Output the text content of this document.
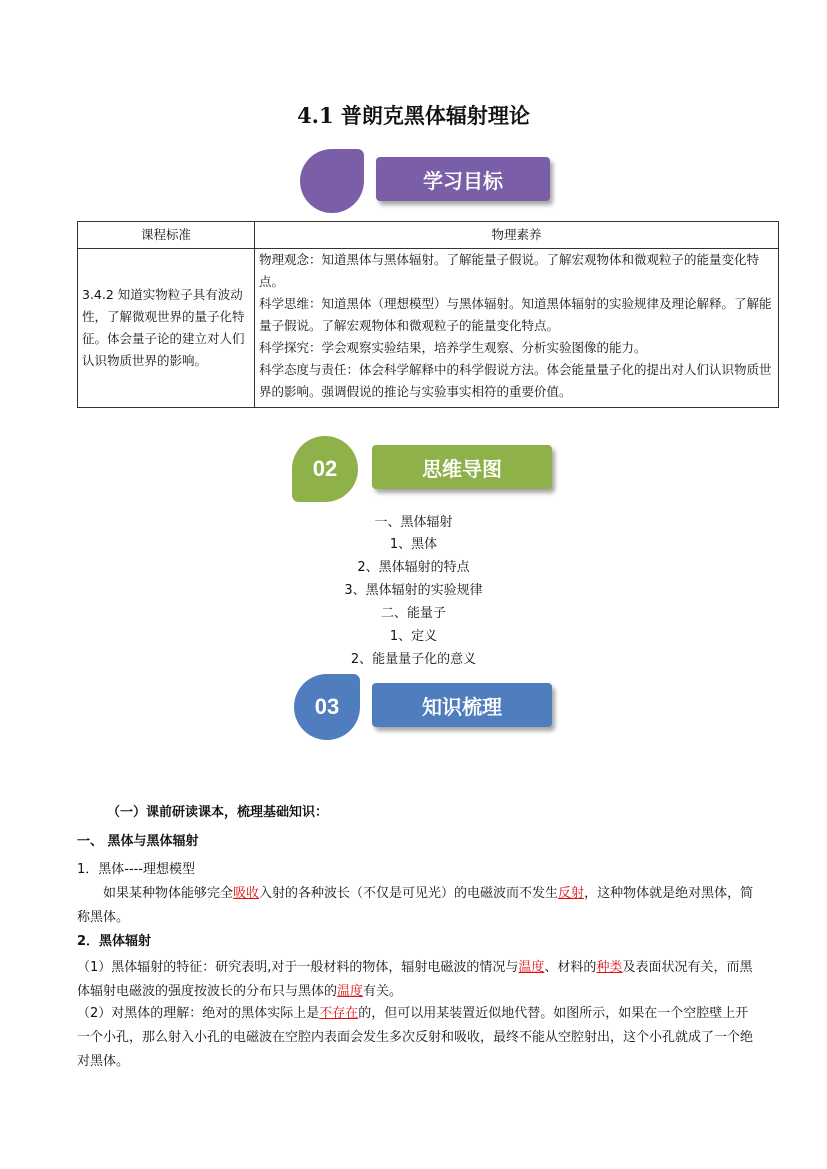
4.1 普朗克黑体辐射理论
学习目标
课程标准	物理素养
3.4.2 知道实物粒子具有波动性，了解微观世界的量子化特征。体会量子论的建立对人们认识物质世界的影响。	物理观念：知道黑体与黑体辐射。了解能量子假说。了解宏观物体和微观粒子的能量变化特点。
科学思维：知道黑体（理想模型）与黑体辐射。知道黑体辐射的实验规律及理论解释。了解能量子假说。了解宏观物体和微观粒子的能量变化特点。
科学探究：学会观察实验结果，培养学生观察、分析实验图像的能力。
科学态度与责任：体会科学解释中的科学假说方法。体会能量量子化的提出对人们认识物质世界的影响。强调假说的推论与实验事实相符的重要价值。
02	思维导图
一、黑体辐射
1、黑体
2、黑体辐射的特点
3、黑体辐射的实验规律
二、能量子
1、定义
2、能量量子化的意义
03	知识梳理
（一）课前研读课本，梳理基础知识：
一、 黑体与黑体辐射
1．黑体----理想模型
如果某种物体能够完全吸收入射的各种波长（不仅是可见光）的电磁波而不发生反射，这种物体就是绝对黑体，简称黑体。
2．黑体辐射
（1）黑体辐射的特征：研究表明,对于一般材料的物体，辐射电磁波的情况与温度、材料的种类及表面状况有关，而黑体辐射电磁波的强度按波长的分布只与黑体的温度有关。
（2）对黑体的理解：绝对的黑体实际上是不存在的，但可以用某装置近似地代替。如图所示，如果在一个空腔壁上开一个小孔，那么射入小孔的电磁波在空腔内表面会发生多次反射和吸收，最终不能从空腔射出，这个小孔就成了一个绝对黑体。
